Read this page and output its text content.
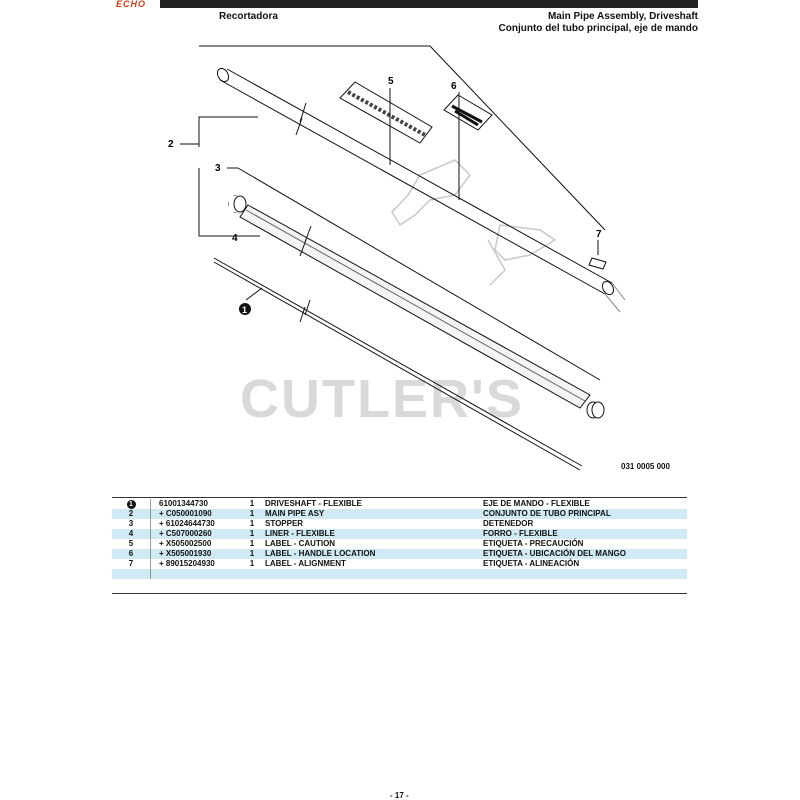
ECHO
Recortadora	Main Pipe Assembly, Driveshaft
Conjunto del tubo principal, eje de mando
CUTLER'S
2
3
4
5	6
7
1
031 0005 000
1	61001344730	1	DRIVESHAFT - FLEXIBLE	EJE DE MANDO - FLEXIBLE
2	+ C050001090	1	MAIN PIPE ASY	CONJUNTO DE TUBO PRINCIPAL
3	+ 61024644730	1	STOPPER	DETENEDOR
4	+ C507000260	1	LINER - FLEXIBLE	FORRO - FLEXIBLE
5	+ X505002500	1	LABEL - CAUTION	ETIQUETA - PRECAUCIÓN
6	+ X505001930	1	LABEL - HANDLE LOCATION	ETIQUETA - UBICACIÓN DEL MANGO
7	+ 89015204930	1	LABEL - ALIGNMENT	ETIQUETA - ALINEACIÓN

- 17 -
